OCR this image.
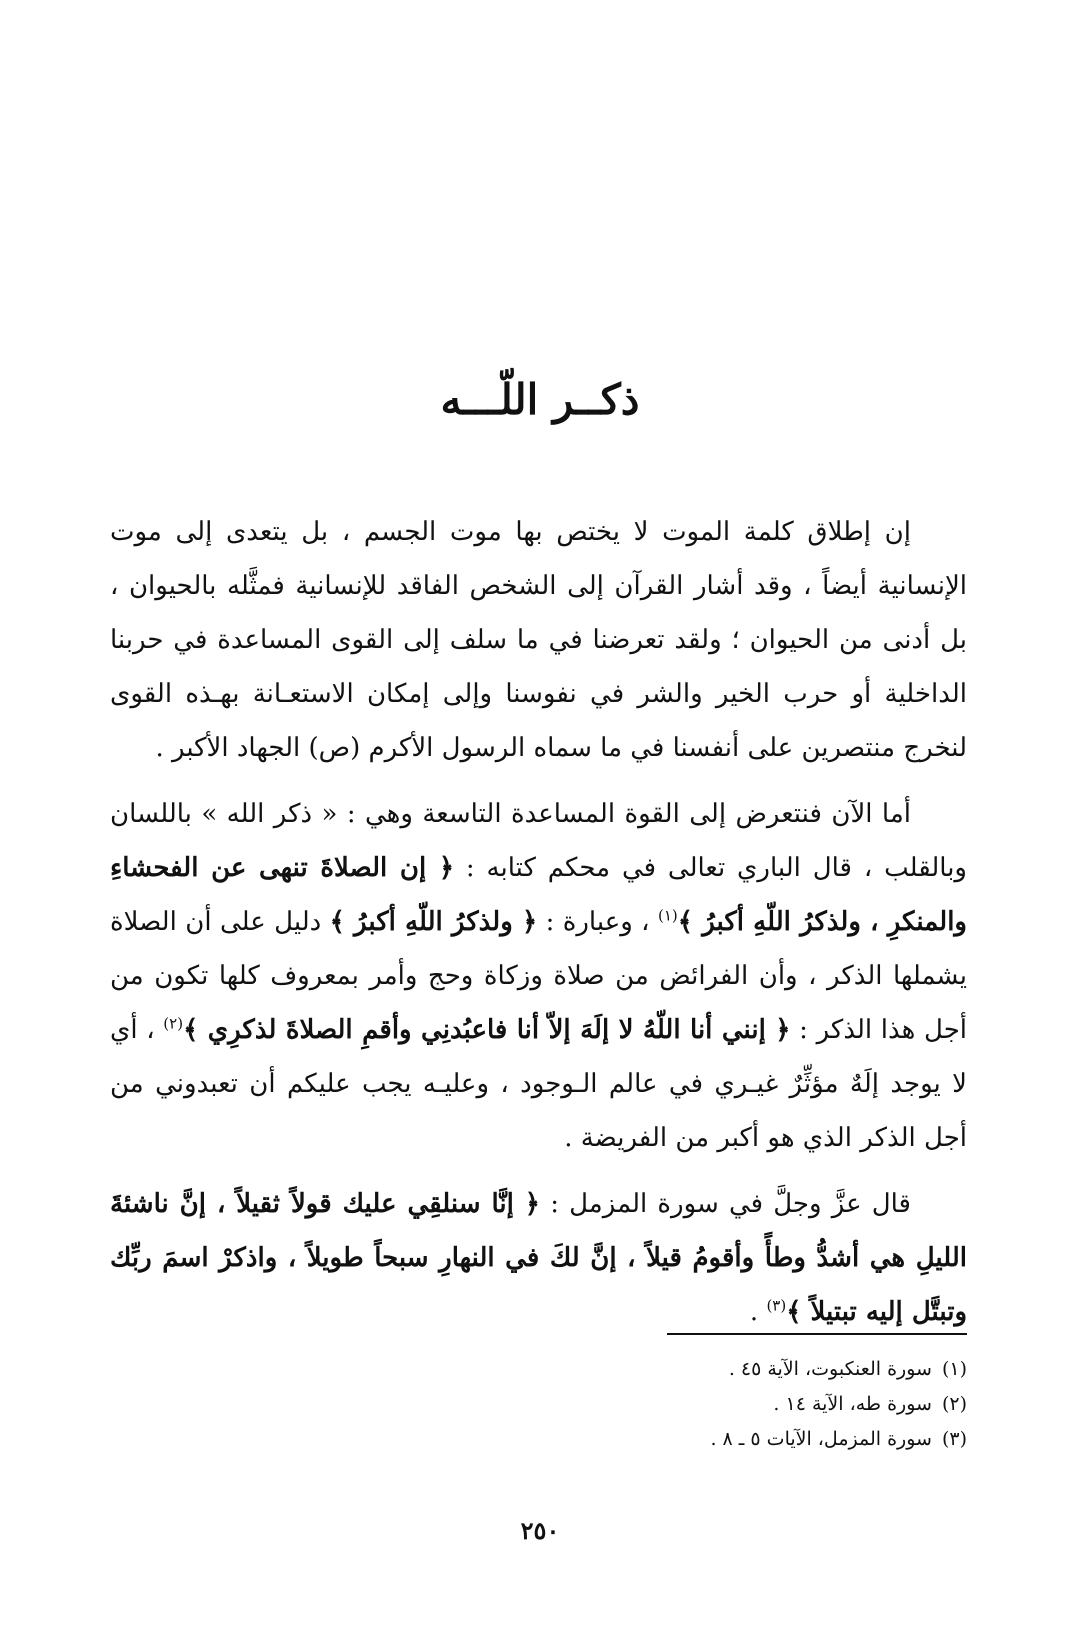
ذكــر اللّـــه

إن إطلاق كلمة الموت لا يختص بها موت الجسم ، بل يتعدى إلى موت الإنسانية أيضاً ، وقد أشار القرآن إلى الشخص الفاقد للإنسانية فمثَّله بالحيوان ، بل أدنى من الحيوان ؛ ولقد تعرضنا في ما سلف إلى القوى المساعدة في حربنا الداخلية أو حرب الخير والشر في نفوسنا وإلى إمكان الاستعـانة بهـذه القوى لنخرج منتصرين على أنفسنا في ما سماه الرسول الأكرم (ص) الجهاد الأكبر .

أما الآن فنتعرض إلى القوة المساعدة التاسعة وهي : « ذكر الله » باللسان وبالقلب ، قال الباري تعالى في محكم كتابه : ﴿ إن الصلاةَ تنهى عن الفحشاءِ والمنكرِ ، ولذكرُ اللّهِ أكبرُ ﴾$^{(١)}$ ، وعبارة : ﴿ ولذكرُ اللّهِ أكبرُ ﴾ دليل على أن الصلاة يشملها الذكر ، وأن الفرائض من صلاة وزكاة وحج وأمر بمعروف كلها تكون من أجل هذا الذكر : ﴿ إنني أنا اللّهُ لا إلَهَ إلاّ أنا فاعبُدنِي وأقمِ الصلاةَ لذكرِي ﴾$^{(٢)}$ ، أي لا يوجد إلَهٌ مؤثِّرٌ غيـري في عالم الـوجود ، وعليـه يجب عليكم أن تعبدوني من أجل الذكر الذي هو أكبر من الفريضة .

قال عزَّ وجلَّ في سورة المزمل : ﴿ إنَّا سنلقِي عليك قولاً ثقيلاً ، إنَّ ناشئةَ الليلِ هي أشدُّ وطأً وأقومُ قيلاً ، إنَّ لكَ في النهارِ سبحاً طويلاً ، واذكرْ اسمَ ربِّك وتبتَّل إليه تبتيلاً ﴾$^{(٣)}$ .

(١)سورة العنكبوت، الآية ٤٥ .

(٢)سورة طه، الآية ١٤ .

(٣)سورة المزمل، الآيات ٥ ـ ٨ .

٢٥٠
